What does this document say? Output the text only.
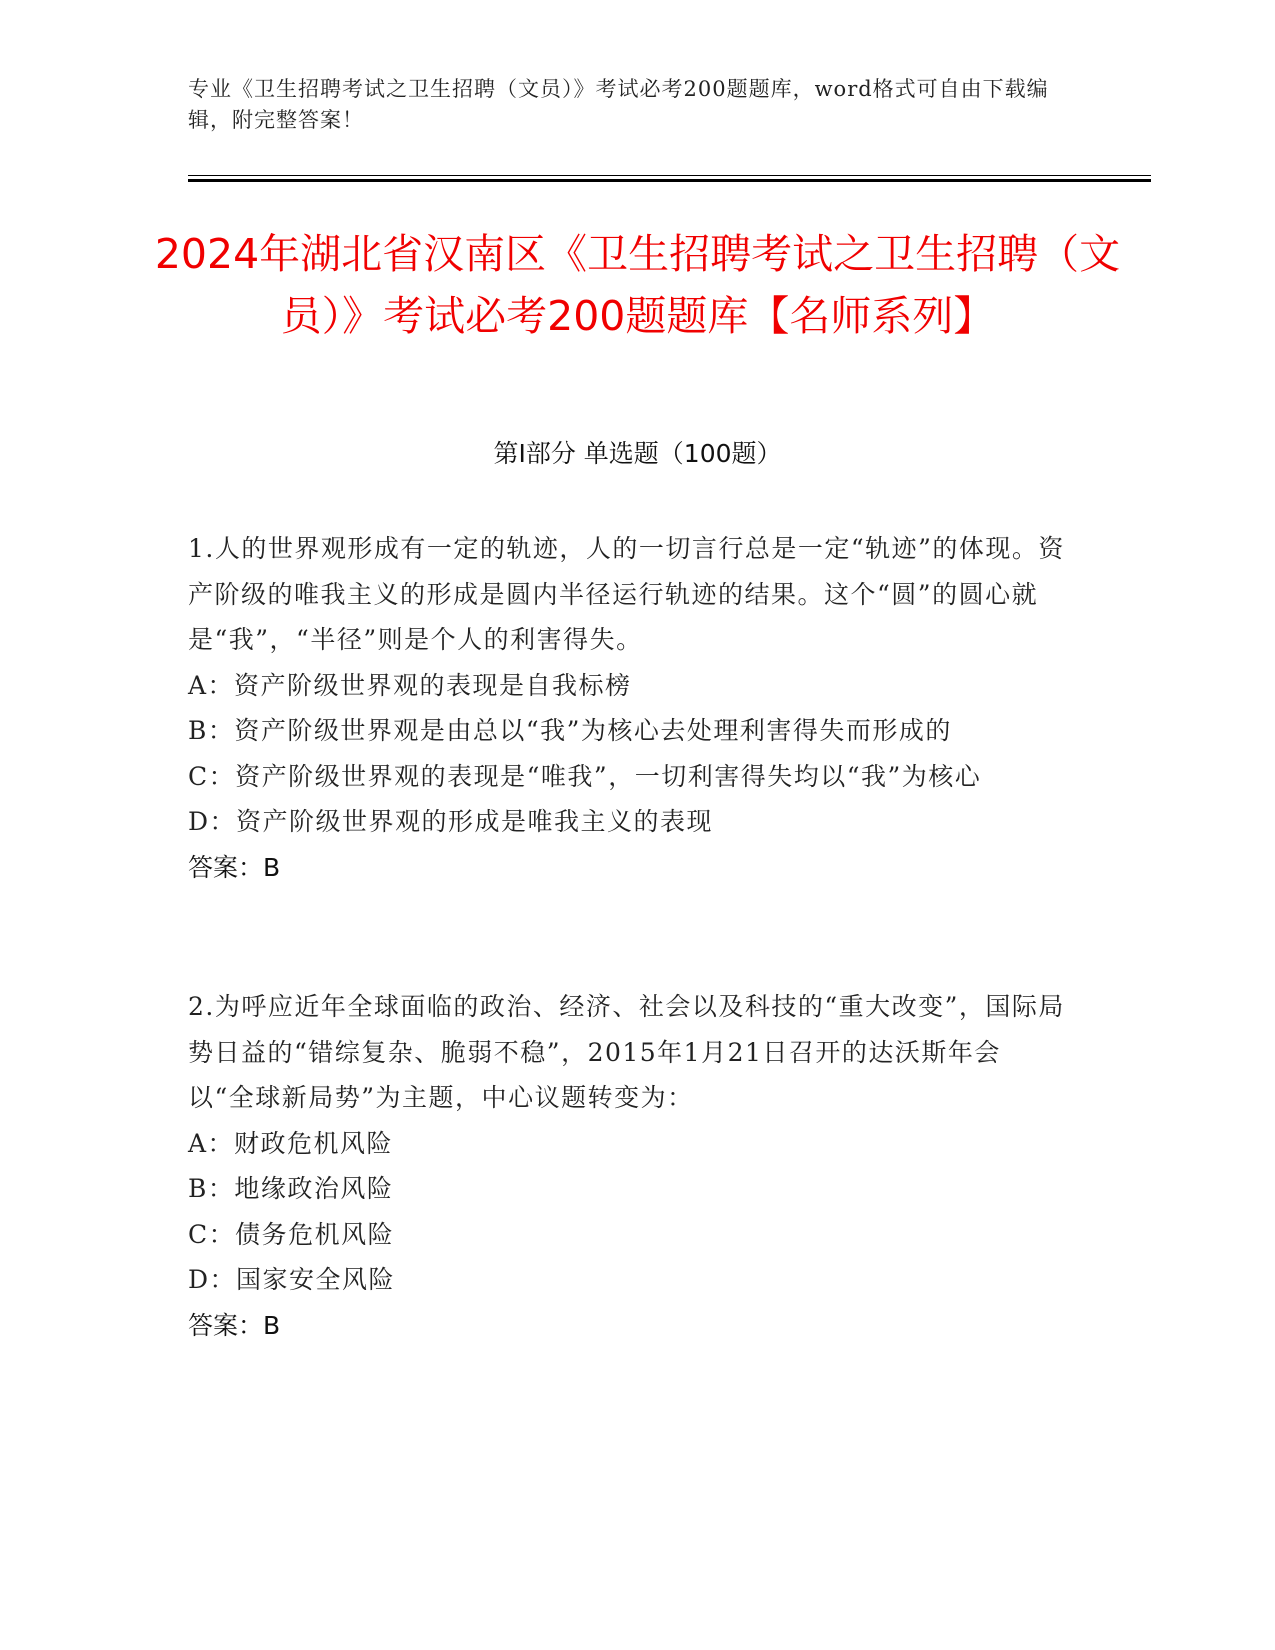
专业《卫生招聘考试之卫生招聘（文员）》考试必考200题题库，word格式可自由下载编辑，附完整答案！
2024年湖北省汉南区《卫生招聘考试之卫生招聘（文员）》考试必考200题题库【名师系列】
第I部分 单选题（100题）
1.人的世界观形成有一定的轨迹，人的一切言行总是一定“轨迹”的体现。资产阶级的唯我主义的形成是圆内半径运行轨迹的结果。这个“圆”的圆心就是“我”，“半径”则是个人的利害得失。
A：资产阶级世界观的表现是自我标榜
B：资产阶级世界观是由总以“我”为核心去处理利害得失而形成的
C：资产阶级世界观的表现是“唯我”，一切利害得失均以“我”为核心
D：资产阶级世界观的形成是唯我主义的表现
答案：B
2.为呼应近年全球面临的政治、经济、社会以及科技的“重大改变”，国际局势日益的“错综复杂、脆弱不稳”，2015年1月21日召开的达沃斯年会以“全球新局势”为主题，中心议题转变为：
A：财政危机风险
B：地缘政治风险
C：债务危机风险
D：国家安全风险
答案：B
